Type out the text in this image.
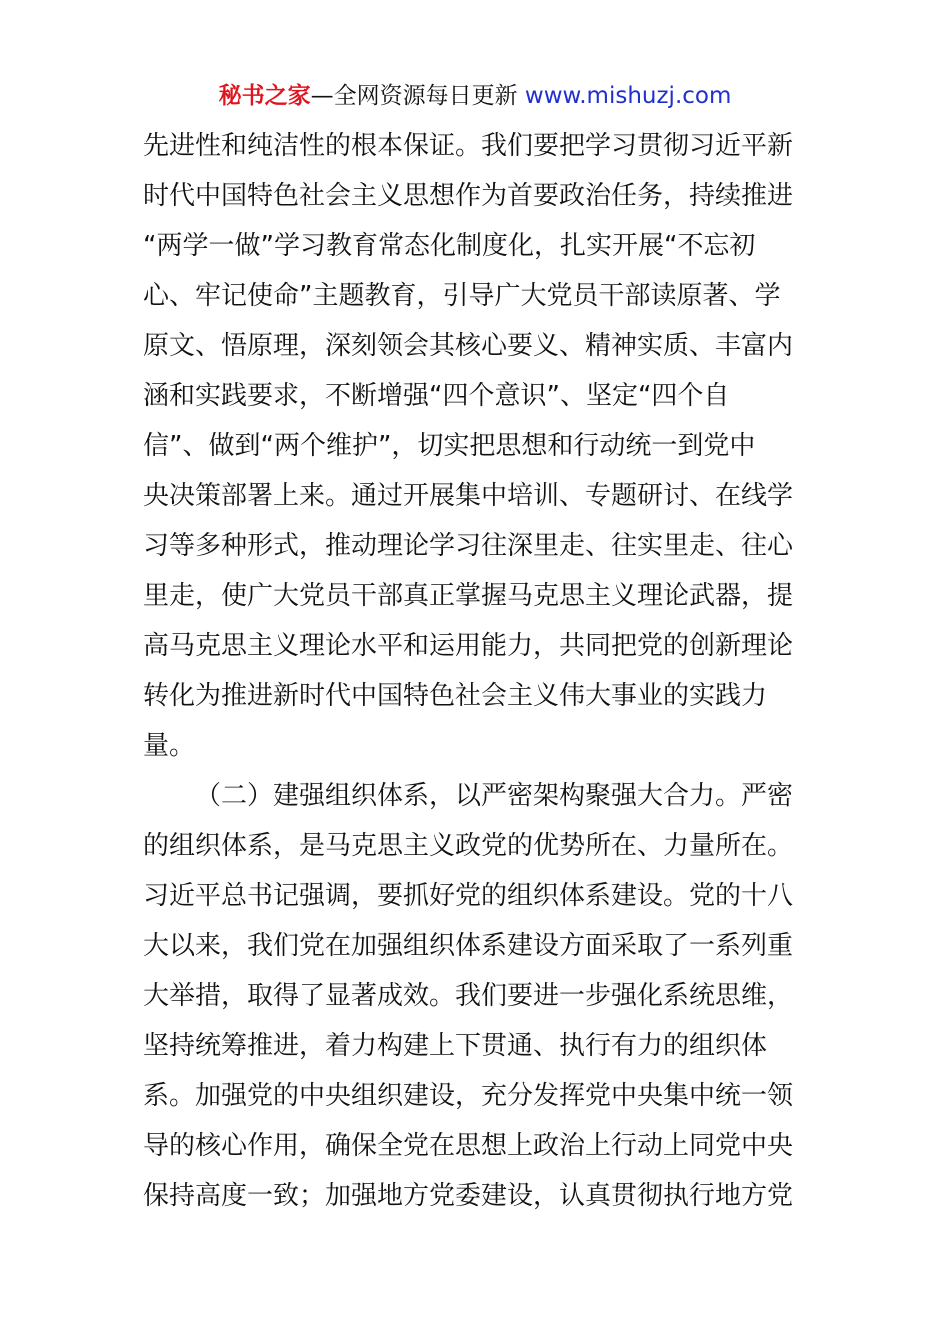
秘书之家—全网资源每日更新 www.mishuzj.com
先进性和纯洁性的根本保证。我们要把学习贯彻习近平新
时代中国特色社会主义思想作为首要政治任务，持续推进
“两学一做”学习教育常态化制度化，扎实开展“不忘初
心、牢记使命”主题教育，引导广大党员干部读原著、学
原文、悟原理，深刻领会其核心要义、精神实质、丰富内
涵和实践要求，不断增强“四个意识”、坚定“四个自
信”、做到“两个维护”，切实把思想和行动统一到党中
央决策部署上来。通过开展集中培训、专题研讨、在线学
习等多种形式，推动理论学习往深里走、往实里走、往心
里走，使广大党员干部真正掌握马克思主义理论武器，提
高马克思主义理论水平和运用能力，共同把党的创新理论
转化为推进新时代中国特色社会主义伟大事业的实践力
量。
（二）建强组织体系，以严密架构聚强大合力。严密
的组织体系，是马克思主义政党的优势所在、力量所在。
习近平总书记强调，要抓好党的组织体系建设。党的十八
大以来，我们党在加强组织体系建设方面采取了一系列重
大举措，取得了显著成效。我们要进一步强化系统思维，
坚持统筹推进，着力构建上下贯通、执行有力的组织体
系。加强党的中央组织建设，充分发挥党中央集中统一领
导的核心作用，确保全党在思想上政治上行动上同党中央
保持高度一致；加强地方党委建设，认真贯彻执行地方党
